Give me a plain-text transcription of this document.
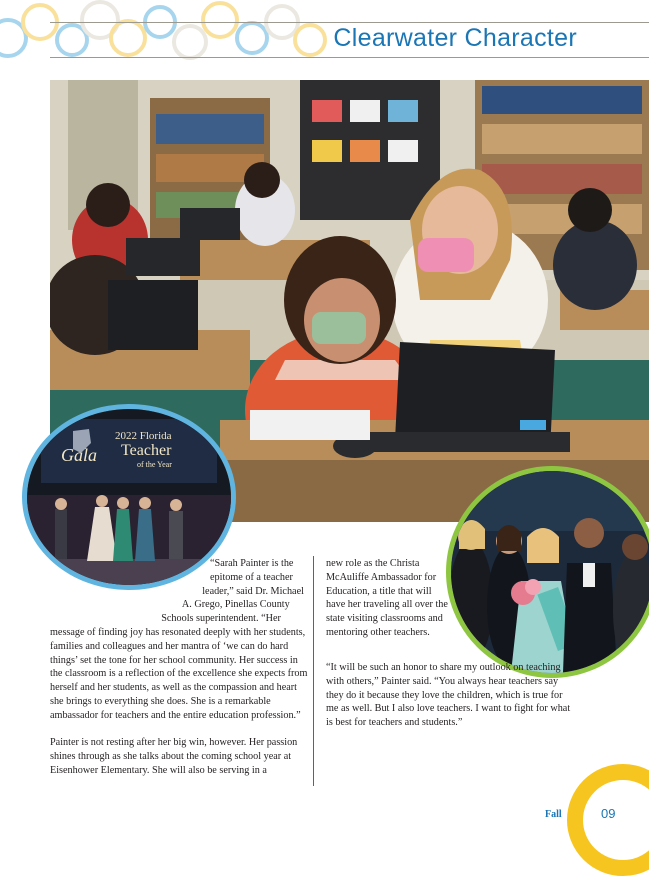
Clearwater Character
Gala
2022 Florida
Teacher
of the Year

“Sarah Painter is the epitome of a teacher leader,” said Dr. Michael A. Grego, Pinellas County Schools superintendent. “Her message of finding joy has resonated deeply with her students, families and colleagues and her mantra of ‘we can do hard things’ set the tone for her school community. Her success in the classroom is a reflection of the excellence she expects from herself and her students, as well as the compassion and heart she brings to everything she does. She is a remarkable ambassador for teachers and the entire education profession.”

Painter is not resting after her big win, however. Her passion shines through as she talks about the coming school year at Eisenhower Elementary. She will also be serving in a

new role as the Christa McAuliffe Ambassador for Education, a title that will have her traveling all over the state visiting classrooms and mentoring other teachers.

“It will be such an honor to share my outlook on teaching with others,” Painter said. “You always hear teachers say they do it because they love the children, which is true for me as well. But I also love teachers. I want to fight for what is best for teachers and students.”

Fall	09
